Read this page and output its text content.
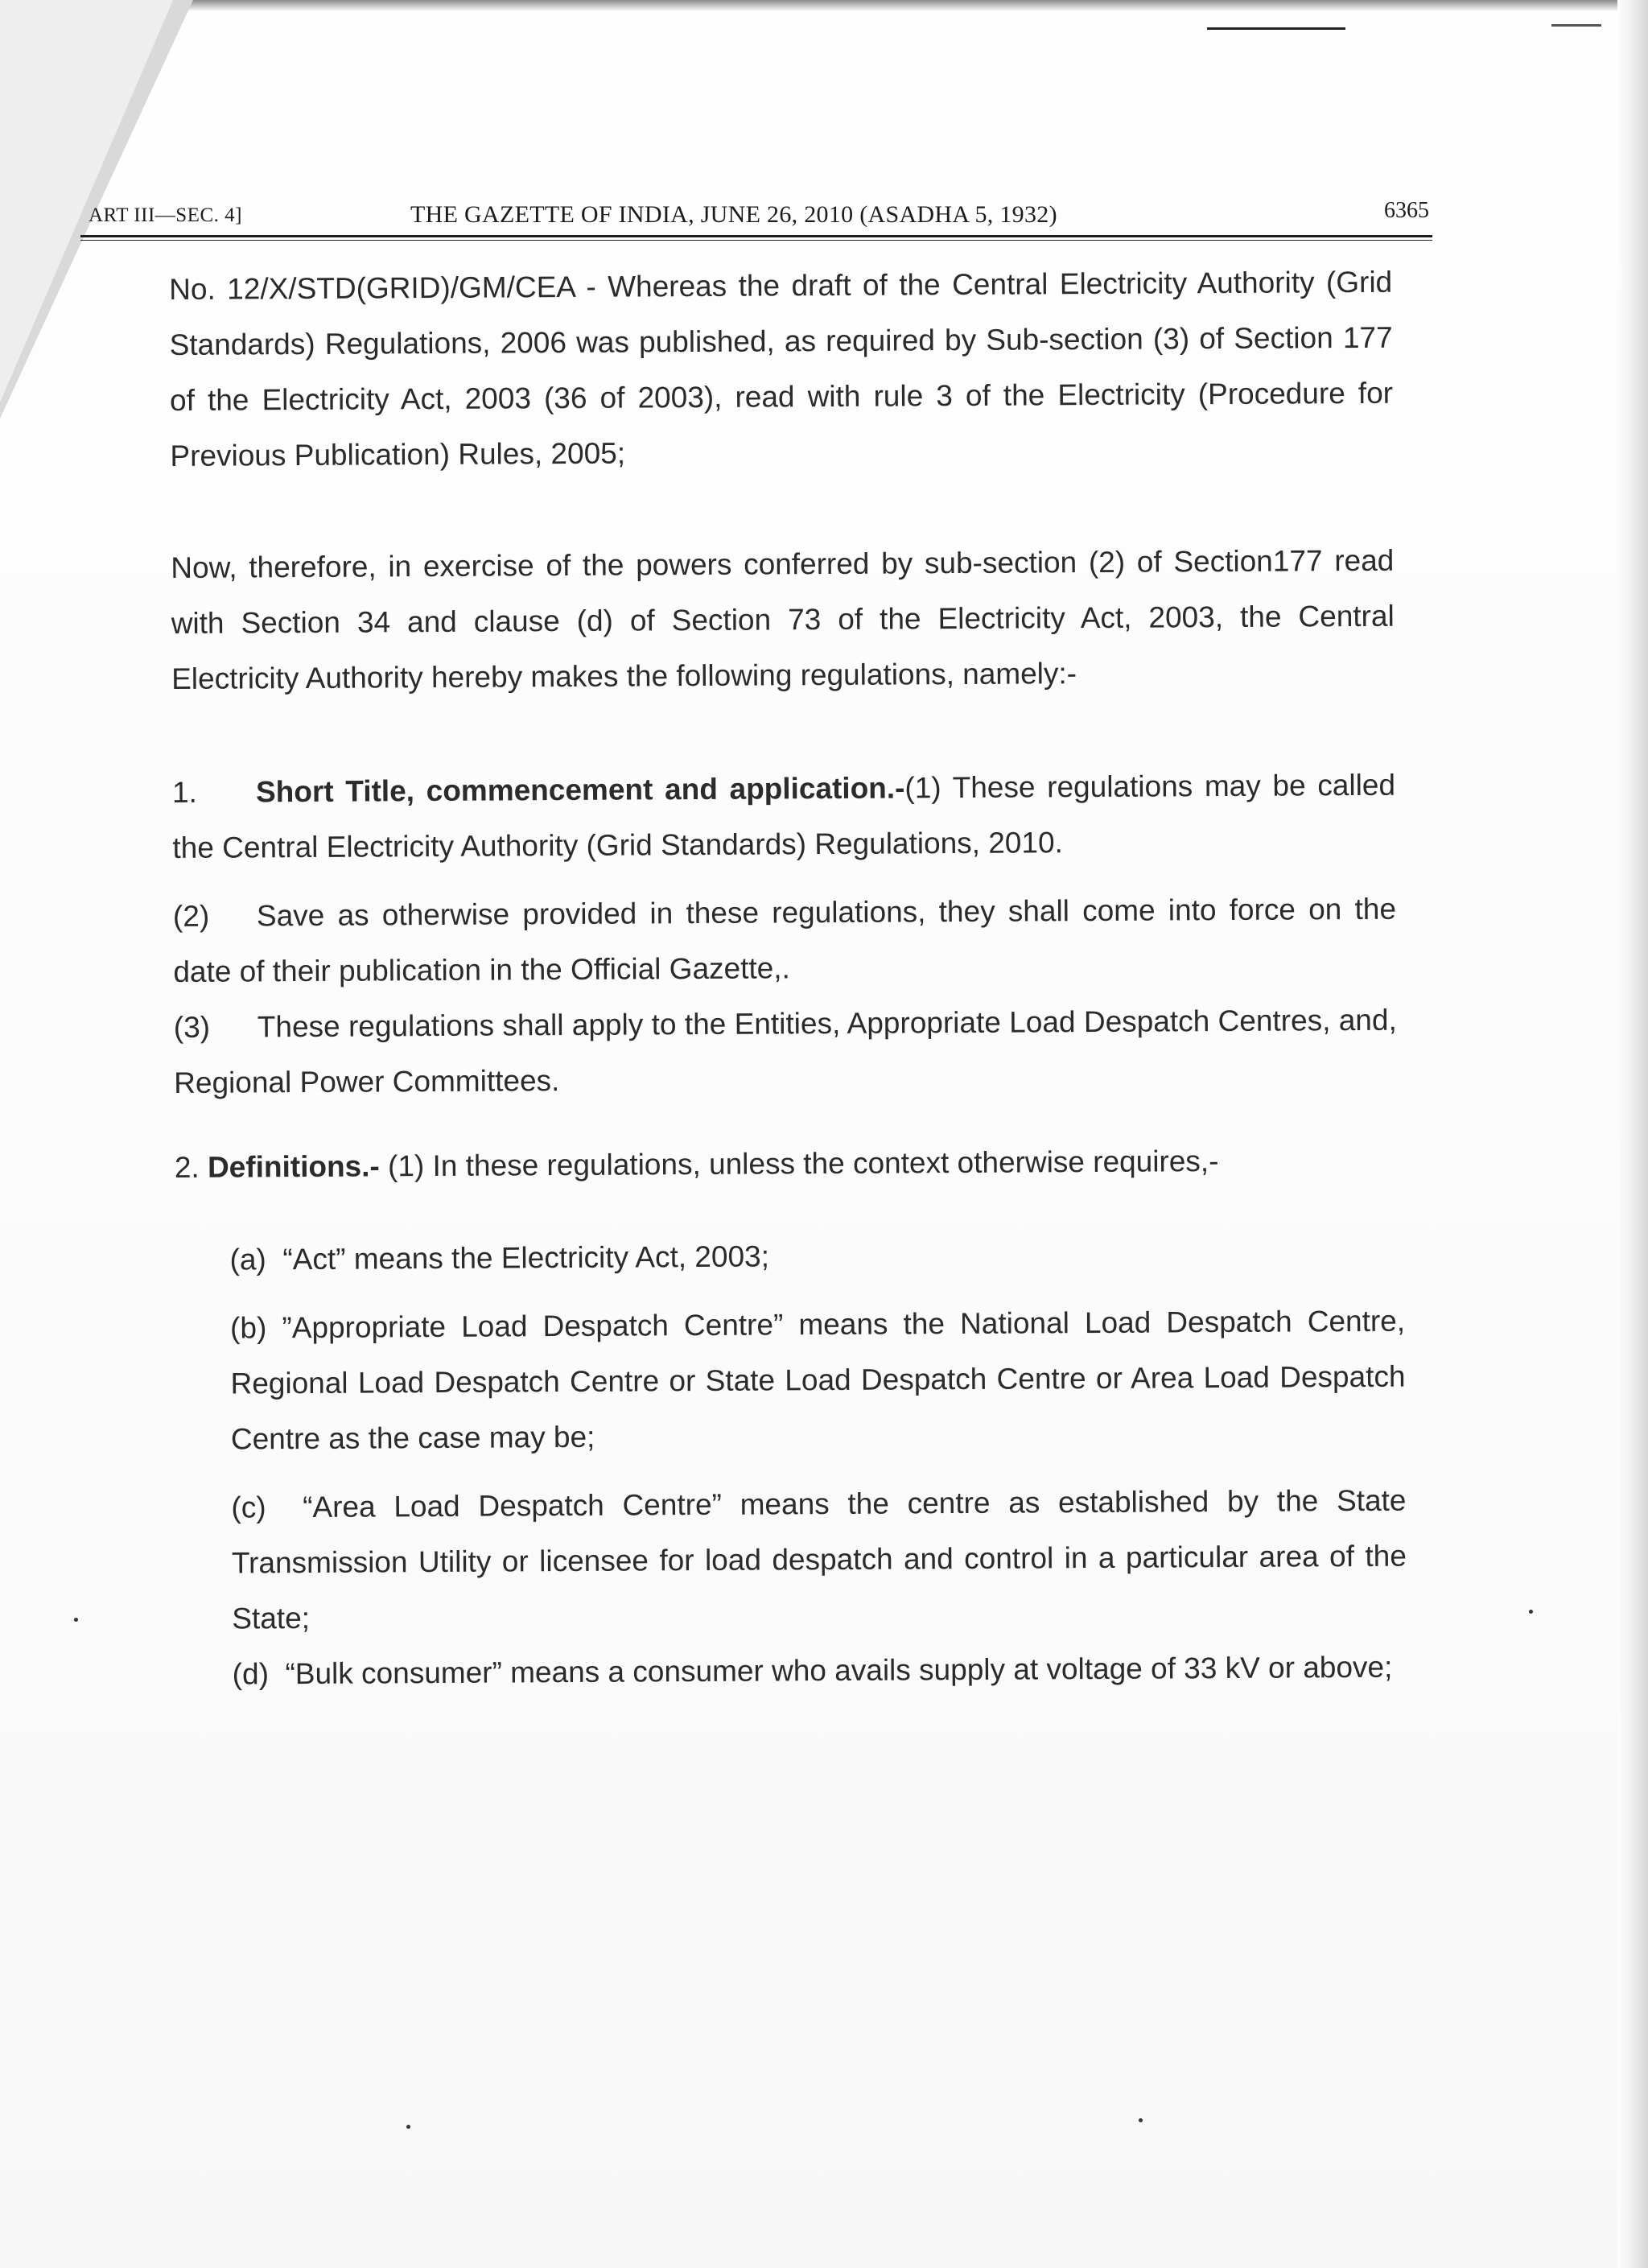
ART III—SEC. 4]	THE GAZETTE OF INDIA, JUNE 26, 2010 (ASADHA 5, 1932)	6365

No. 12/X/STD(GRID)/GM/CEA - Whereas the draft of the Central Electricity Authority (Grid Standards) Regulations, 2006 was published, as required by Sub-section (3) of Section 177 of the Electricity Act, 2003 (36 of 2003), read with rule 3 of the Electricity (Procedure for Previous Publication) Rules, 2005;

Now, therefore, in exercise of the powers conferred by sub-section (2) of Section177 read with Section 34 and clause (d) of Section 73 of the Electricity Act, 2003, the Central Electricity Authority hereby makes the following regulations, namely:-

1. Short Title, commencement and application.-(1) These regulations may be called the Central Electricity Authority (Grid Standards) Regulations, 2010.

(2) Save as otherwise provided in these regulations, they shall come into force on the date of their publication in the Official Gazette,.

(3) These regulations shall apply to the Entities, Appropriate Load Despatch Centres, and, Regional Power Committees.

2. Definitions.- (1) In these regulations, unless the context otherwise requires,-

(a) “Act” means the Electricity Act, 2003;

(b) ”Appropriate Load Despatch Centre” means the National Load Despatch Centre, Regional Load Despatch Centre or State Load Despatch Centre or Area Load Despatch Centre as the case may be;

(c) “Area Load Despatch Centre” means the centre as established by the State Transmission Utility or licensee for load despatch and control in a particular area of the State;

(d) “Bulk consumer” means a consumer who avails supply at voltage of 33 kV or above;
